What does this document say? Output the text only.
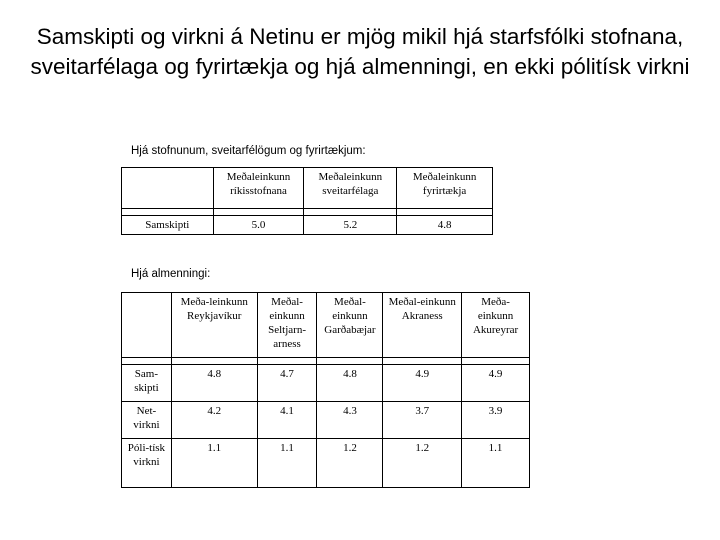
Samskipti og virkni á Netinu er mjög mikil hjá starfsfólki stofnana, sveitarfélaga og fyrirtækja og hjá almenningi, en ekki pólitísk virkni
Hjá stofnunum, sveitarfélögum og fyrirtækjum:
	Meðaleinkunn ríkisstofnana	Meðaleinkunn sveitarfélaga	Meðaleinkunn fyrirtækja

Samskipti	5.0	5.2	4.8
Hjá almenningi:
	Meða-leinkunn Reykjavíkur	Meðal-einkunn Seltjarn-arness	Meðal-einkunn Garðabæjar	Meðal-einkunn Akraness	Meða-einkunn Akureyrar

Sam-skipti	4.8	4.7	4.8	4.9	4.9
Net-virkni	4.2	4.1	4.3	3.7	3.9
Póli-tísk virkni	1.1	1.1	1.2	1.2	1.1
